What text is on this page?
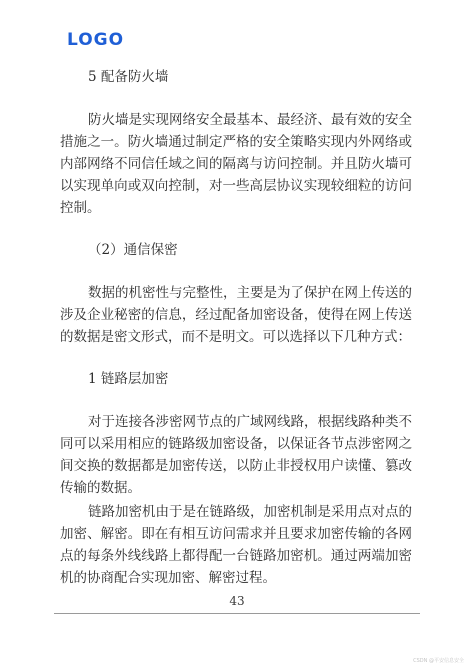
LOGO

5 配备防火墙

防火墙是实现网络安全最基本、最经济、最有效的安全措施之一。防火墙通过制定严格的安全策略实现内外网络或内部网络不同信任域之间的隔离与访问控制。并且防火墙可以实现单向或双向控制，对一些高层协议实现较细粒的访问控制。

（2）通信保密

数据的机密性与完整性，主要是为了保护在网上传送的涉及企业秘密的信息，经过配备加密设备，使得在网上传送的数据是密文形式，而不是明文。可以选择以下几种方式：

1 链路层加密

对于连接各涉密网节点的广域网线路，根据线路种类不同可以采用相应的链路级加密设备，以保证各节点涉密网之间交换的数据都是加密传送，以防止非授权用户读懂、篡改传输的数据。

链路加密机由于是在链路级，加密机制是采用点对点的加密、解密。即在有相互访问需求并且要求加密传输的各网点的每条外线线路上都得配一台链路加密机。通过两端加密机的协商配合实现加密、解密过程。

43
CSDN @平安信息安全
